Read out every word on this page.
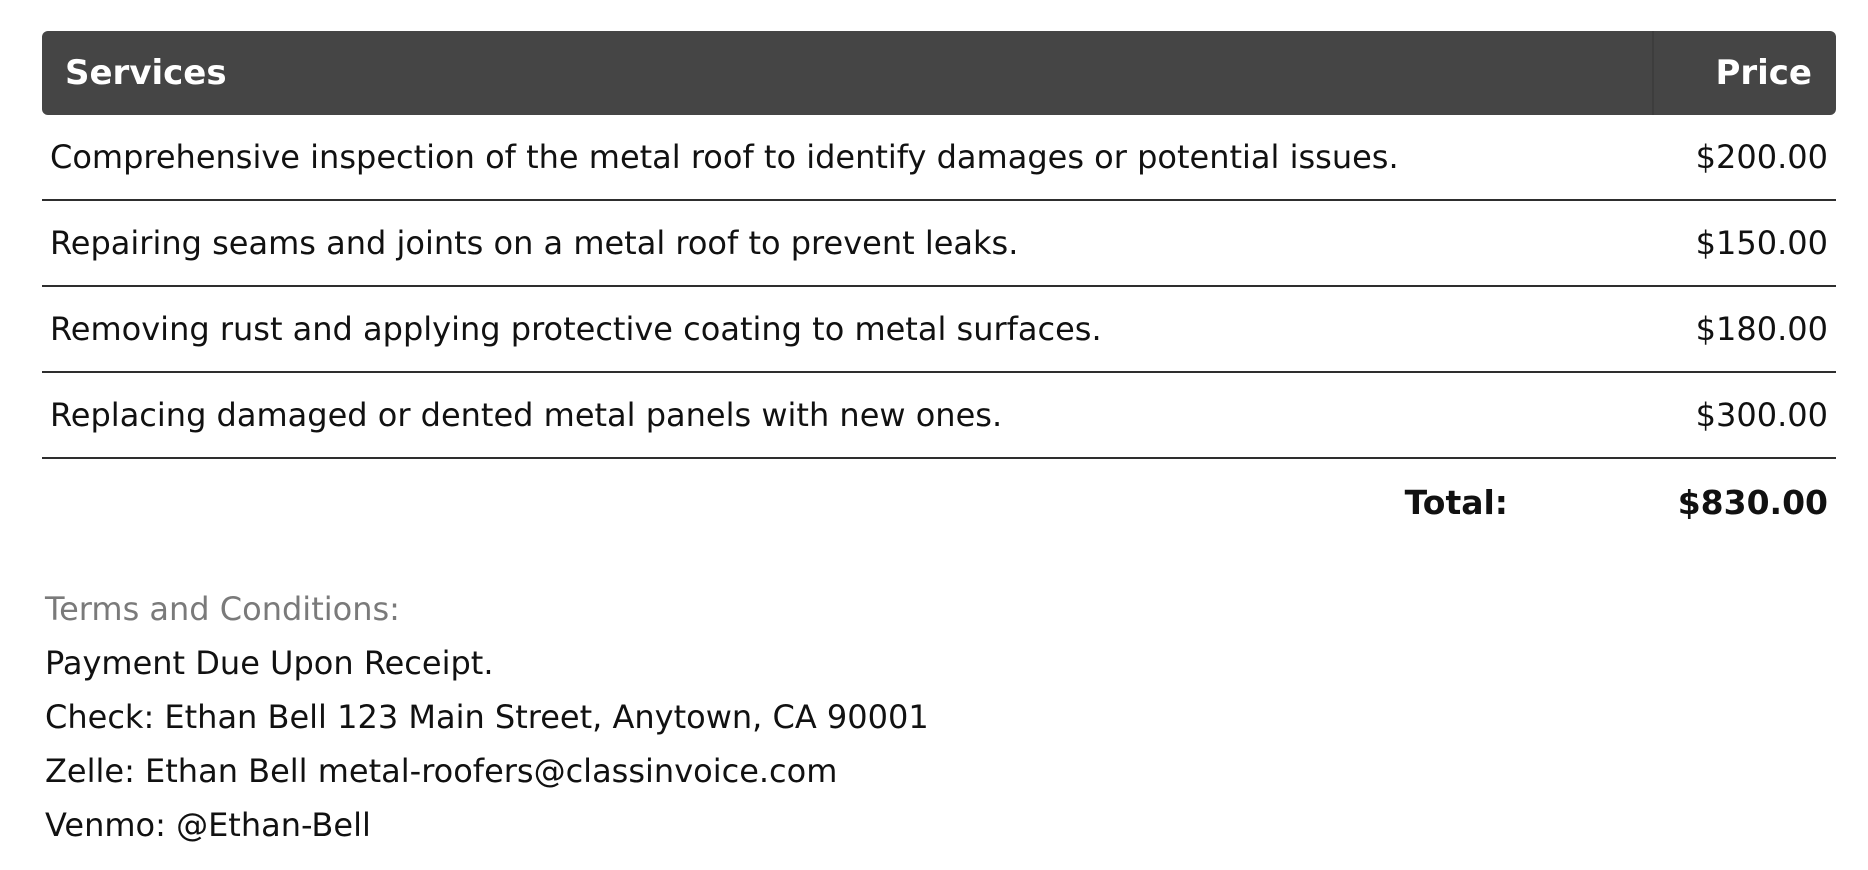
Services	Price
Comprehensive inspection of the metal roof to identify damages or potential issues.	$200.00
Repairing seams and joints on a metal roof to prevent leaks.	$150.00
Removing rust and applying protective coating to metal surfaces.	$180.00
Replacing damaged or dented metal panels with new ones.	$300.00
Total:	$830.00
Terms and Conditions:
Payment Due Upon Receipt.
Check: Ethan Bell 123 Main Street, Anytown, CA 90001
Zelle: Ethan Bell metal-roofers@classinvoice.com
Venmo: @Ethan-Bell
